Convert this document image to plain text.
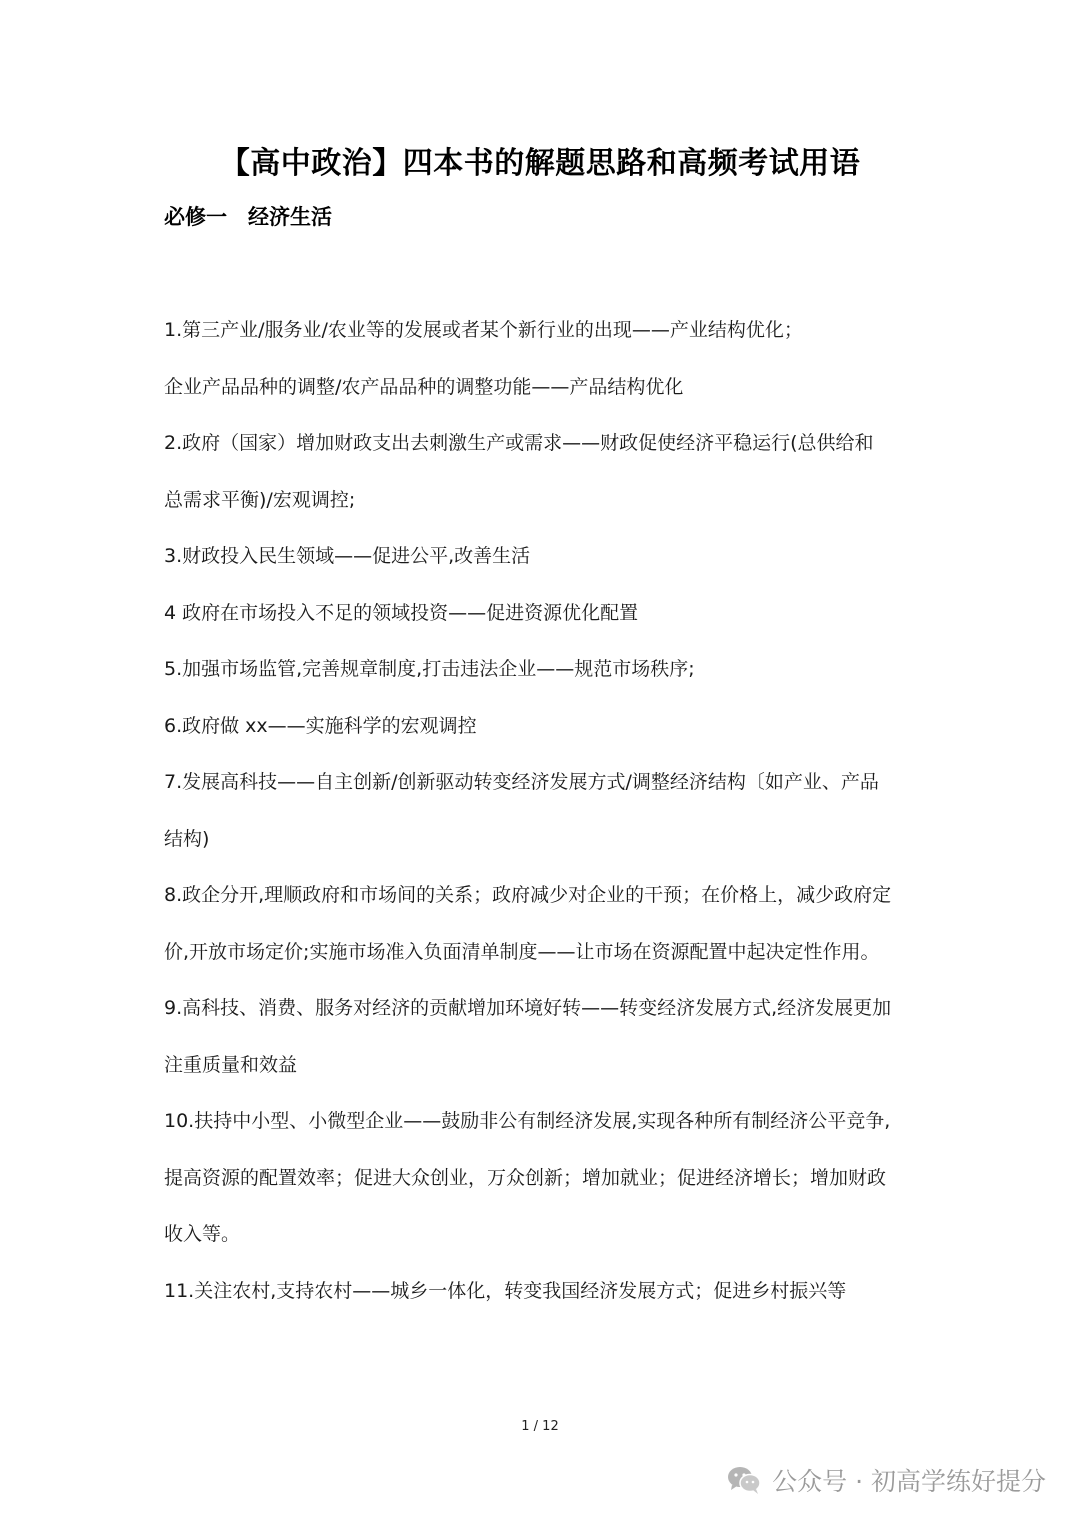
【高中政治】四本书的解题思路和高频考试用语
必修一　经济生活
1.第三产业/服务业/农业等的发展或者某个新行业的出现——产业结构优化；
企业产品品种的调整/农产品品种的调整功能——产品结构优化
2.政府（国家）增加财政支出去刺激生产或需求——财政促使经济平稳运行(总供给和
总需求平衡)/宏观调控;
3.财政投入民生领域——促进公平,改善生活
4 政府在市场投入不足的领域投资——促进资源优化配置
5.加强市场监管,完善规章制度,打击违法企业——规范市场秩序;
6.政府做 xx——实施科学的宏观调控
7.发展高科技——自主创新/创新驱动转变经济发展方式/调整经济结构〔如产业、产品
结构)
8.政企分开,理顺政府和市场间的关系；政府减少对企业的干预；在价格上，减少政府定
价,开放市场定价;实施市场准入负面清单制度——让市场在资源配置中起决定性作用。
9.高科技、消费、服务对经济的贡献增加环境好转——转变经济发展方式,经济发展更加
注重质量和效益
10.扶持中小型、小微型企业——鼓励非公有制经济发展,实现各种所有制经济公平竞争,
提高资源的配置效率；促进大众创业，万众创新；增加就业；促进经济增长；增加财政
收入等。
11.关注农村,支持农村——城乡一体化，转变我国经济发展方式；促进乡村振兴等
1 / 12
公众号 · 初高学练好提分
